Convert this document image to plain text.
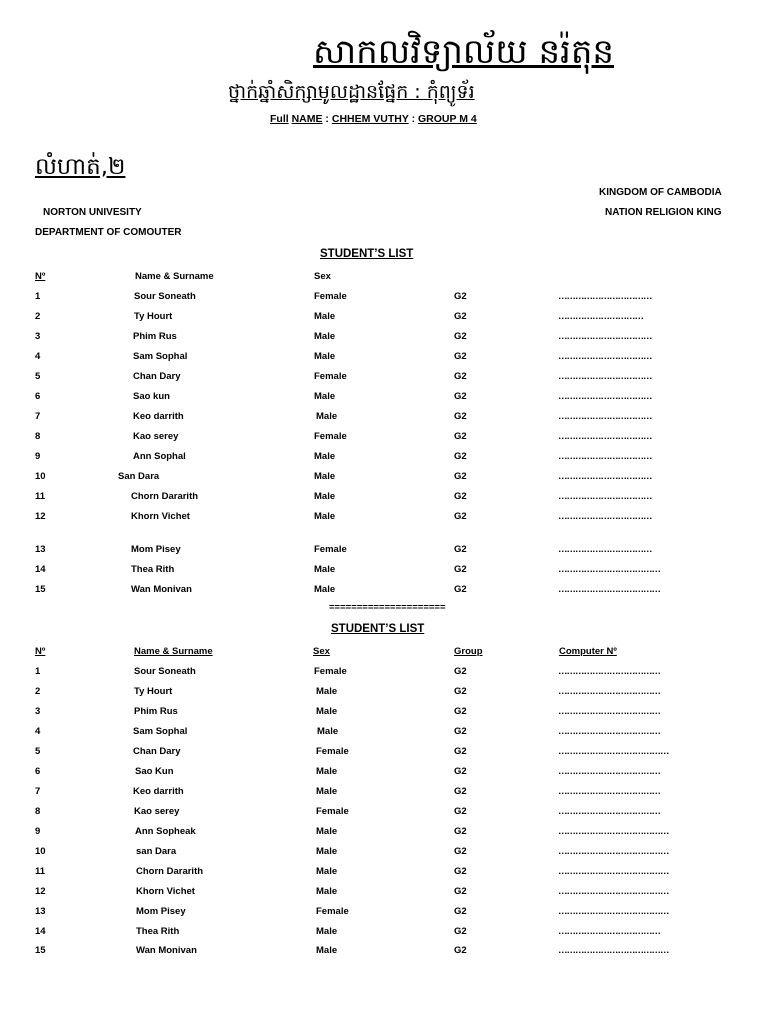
សាកលវិទ្យាល័យ នរ៉តុន
ថ្នាក់ឆ្នាំសិក្សាមូលដ្ឋានផ្នែក : កុំព្យូទ័រ
Full NAME : CHHEM VUTHY : GROUP M 4
លំហាត់,២
KINGDOM OF CAMBODIA
NATION RELIGION KING
NORTON UNIVESITY
DEPARTMENT OF COMOUTER
STUDENT’S LIST
Nº	Name & Surname	Sex
1	Sour Soneath	Female	G2	……………………………
2	Ty Hourt	Male	G2	…………………………
3	Phim Rus	Male	G2	……………………………
4	Sam Sophal	Male	G2	……………………………
5	Chan Dary	Female	G2	……………………………
6	Sao kun	Male	G2	……………………………
7	Keo darrith	Male	G2	……………………………
8	Kao serey	Female	G2	……………………………
9	Ann Sophal	Male	G2	……………………………
10	San Dara	Male	G2	……………………………
11	Chorn Dararith	Male	G2	……………………………
12	Khorn Vichet	Male	G2	……………………………
13	Mom Pisey	Female	G2	……………………………
14	Thea Rith	Male	G2	………………………………
15	Wan Monivan	Male	G2	………………………………
=====================
STUDENT’S LIST
Nº	Name & Surname	Sex	Group	Computer Nº
1	Sour Soneath	Female	G2	………………………………
2	Ty Hourt	Male	G2	………………………………
3	Phim Rus	Male	G2	………………………………
4	Sam Sophal	Male	G2	………………………………
5	Chan Dary	Female	G2	…………………………………
6	Sao Kun	Male	G2	………………………………
7	Keo darrith	Male	G2	………………………………
8	Kao serey	Female	G2	………………………………
9	Ann Sopheak	Male	G2	…………………………………
10	san Dara	Male	G2	…………………………………
11	Chorn Dararith	Male	G2	…………………………………
12	Khorn Vichet	Male	G2	…………………………………
13	Mom Pisey	Female	G2	…………………………………
14	Thea Rith	Male	G2	………………………………
15	Wan Monivan	Male	G2	…………………………………
